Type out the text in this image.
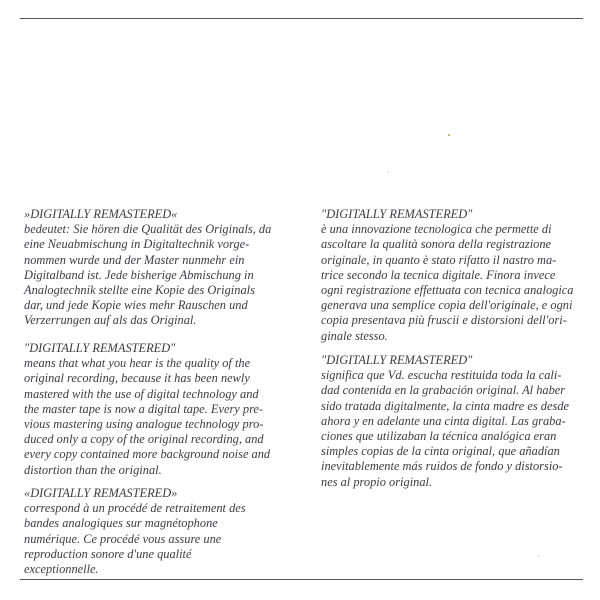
»DIGITALLY REMASTERED«
bedeutet: Sie hören die Qualität des Originals, da
eine Neuabmischung in Digitaltechnik vorge-
nommen wurde und der Master nunmehr ein
Digitalband ist. Jede bisherige Abmischung in
Analogtechnik stellte eine Kopie des Originals
dar, und jede Kopie wies mehr Rauschen und
Verzerrungen auf als das Original.
"DIGITALLY REMASTERED"
means that what you hear is the quality of the
original recording, because it has been newly
mastered with the use of digital technology and
the master tape is now a digital tape. Every pre-
vious mastering using analogue technology pro-
duced only a copy of the original recording, and
every copy contained more background noise and
distortion than the original.
«DIGITALLY REMASTERED»
correspond à un procédé de retraitement des
bandes analogiques sur magnétophone
numérique. Ce procédé vous assure une
reproduction sonore d'une qualité
exceptionnelle.
"DIGITALLY REMASTERED"
è una innovazione tecnologica che permette di
ascoltare la qualità sonora della registrazione
originale, in quanto è stato rifatto il nastro ma-
trice secondo la tecnica digitale. Finora invece
ogni registrazione effettuata con tecnica analogica
generava una semplice copia dell'originale, e ogni
copia presentava più fruscii e distorsioni dell'ori-
ginale stesso.
"DIGITALLY REMASTERED"
significa que Vd. escucha restituida toda la cali-
dad contenida en la grabación original. Al haber
sido tratada digitalmente, la cinta madre es desde
ahora y en adelante una cinta digital. Las graba-
ciones que utilizaban la técnica analógica eran
simples copias de la cinta original, que añadían
inevitablemente más ruidos de fondo y distorsio-
nes al propio original.
